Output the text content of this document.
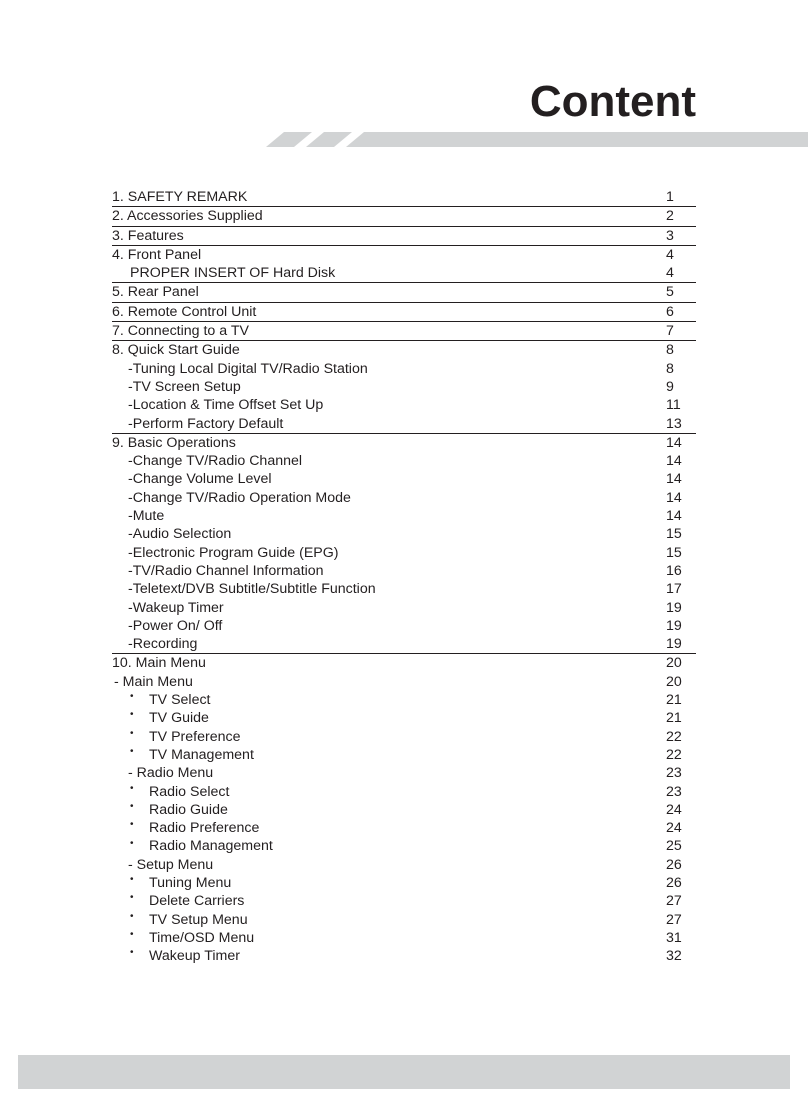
Content
1. SAFETY REMARK	1
2. Accessories Supplied	2
3. Features	3
4. Front Panel	4
PROPER INSERT OF Hard Disk	4
5. Rear Panel	5
6. Remote Control Unit	6
7. Connecting to a TV	7
8. Quick Start Guide	8
-Tuning Local Digital TV/Radio Station	8
-TV Screen Setup	9
-Location & Time Offset Set Up	11
-Perform Factory Default	13
9. Basic Operations	14
-Change TV/Radio Channel	14
-Change Volume Level	14
-Change TV/Radio Operation Mode	14
-Mute	14
-Audio Selection	15
-Electronic Program Guide (EPG)	15
-TV/Radio Channel Information	16
-Teletext/DVB Subtitle/Subtitle Function	17
-Wakeup Timer	19
-Power On/ Off	19
-Recording	19
10. Main Menu	20
- Main Menu	20
•	TV Select	21
•	TV Guide	21
•	TV Preference	22
•	TV Management	22
- Radio Menu	23
•	Radio Select	23
•	Radio Guide	24
•	Radio Preference	24
•	Radio Management	25
- Setup Menu	26
•	Tuning Menu	26
•	Delete Carriers	27
•	TV Setup Menu	27
•	Time/OSD Menu	31
•	Wakeup Timer	32
